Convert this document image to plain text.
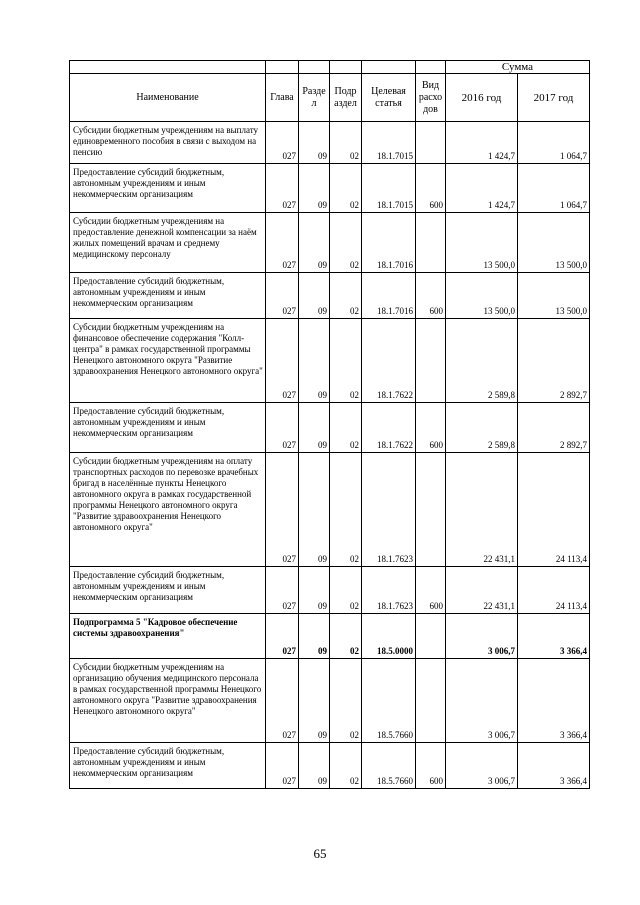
						Сумма	
Наименование	Глава	Разде л	Подр аздел	Целевая статья	Вид расхо дов	2016 год	2017 год
Субсидии бюджетным учреждениям на выплату единовременного пособия в связи с выходом на пенсию	027	09	02	18.1.7015		1 424,7	1 064,7
Предоставление субсидий бюджетным, автономным учреждениям и иным некоммерческим организациям	027	09	02	18.1.7015	600	1 424,7	1 064,7
Субсидии бюджетным учреждениям на предоставление денежной компенсации за наём жилых помещений врачам и среднему медицинскому персоналу	027	09	02	18.1.7016		13 500,0	13 500,0
Предоставление субсидий бюджетным, автономным учреждениям и иным некоммерческим организациям	027	09	02	18.1.7016	600	13 500,0	13 500,0
Субсидии бюджетным учреждениям на финансовое обеспечение содержания "Колл-центра" в рамках государственной программы Ненецкого автономного округа "Развитие здравоохранения Ненецкого автономного округа"	027	09	02	18.1.7622		2 589,8	2 892,7
Предоставление субсидий бюджетным, автономным учреждениям и иным некоммерческим организациям	027	09	02	18.1.7622	600	2 589,8	2 892,7
Субсидии бюджетным учреждениям на оплату транспортных расходов по перевозке врачебных бригад в населённые пункты Ненецкого автономного округа в рамках государственной программы Ненецкого автономного округа "Развитие здравоохранения Ненецкого автономного округа"	027	09	02	18.1.7623		22 431,1	24 113,4
Предоставление субсидий бюджетным, автономным учреждениям и иным некоммерческим организациям	027	09	02	18.1.7623	600	22 431,1	24 113,4
Подпрограмма 5 "Кадровое обеспечение системы здравоохранения"	027	09	02	18.5.0000		3 006,7	3 366,4
Субсидии бюджетным учреждениям на организацию обучения медицинского персонала в рамках государственной программы Ненецкого автономного округа "Развитие здравоохранения Ненецкого автономного округа"	027	09	02	18.5.7660		3 006,7	3 366,4
Предоставление субсидий бюджетным, автономным учреждениям и иным некоммерческим организациям	027	09	02	18.5.7660	600	3 006,7	3 366,4
65
